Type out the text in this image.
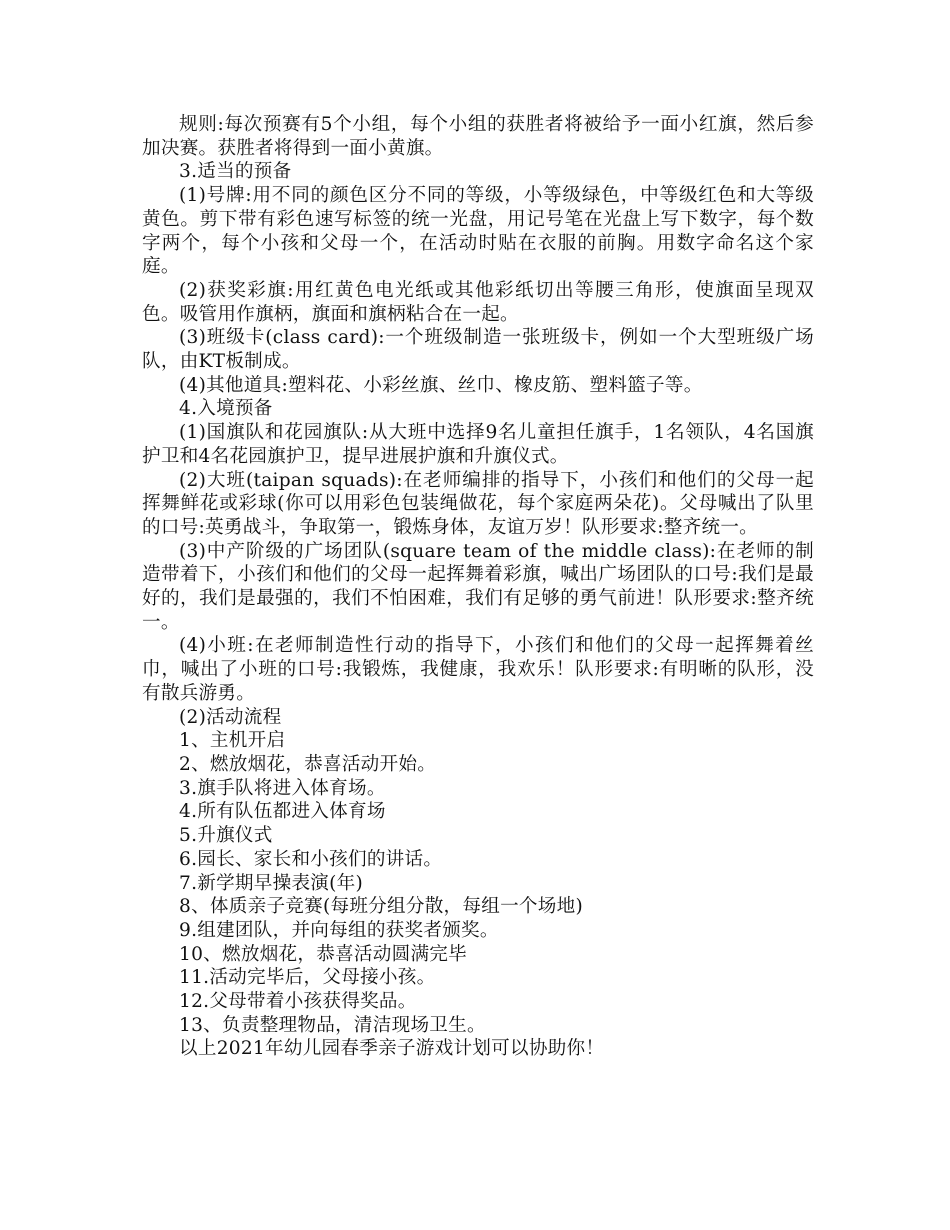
规则:每次预赛有5个小组，每个小组的获胜者将被给予一面小红旗，然后参加决赛。获胜者将得到一面小黄旗。

3.适当的预备

(1)号牌:用不同的颜色区分不同的等级，小等级绿色，中等级红色和大等级黄色。剪下带有彩色速写标签的统一光盘，用记号笔在光盘上写下数字，每个数字两个，每个小孩和父母一个，在活动时贴在衣服的前胸。用数字命名这个家庭。

(2)获奖彩旗:用红黄色电光纸或其他彩纸切出等腰三角形，使旗面呈现双色。吸管用作旗柄，旗面和旗柄粘合在一起。

(3)班级卡(class card):一个班级制造一张班级卡，例如一个大型班级广场队，由KT板制成。

(4)其他道具:塑料花、小彩丝旗、丝巾、橡皮筋、塑料篮子等。

4.入境预备

(1)国旗队和花园旗队:从大班中选择9名儿童担任旗手，1名领队，4名国旗护卫和4名花园旗护卫，提早进展护旗和升旗仪式。

(2)大班(taipan squads):在老师编排的指导下，小孩们和他们的父母一起挥舞鲜花或彩球(你可以用彩色包装绳做花，每个家庭两朵花)。父母喊出了队里的口号:英勇战斗，争取第一，锻炼身体，友谊万岁！队形要求:整齐统一。

(3)中产阶级的广场团队(square team of the middle class):在老师的制造带着下，小孩们和他们的父母一起挥舞着彩旗，喊出广场团队的口号:我们是最好的，我们是最强的，我们不怕困难，我们有足够的勇气前进！队形要求:整齐统一。

(4)小班:在老师制造性行动的指导下，小孩们和他们的父母一起挥舞着丝巾，喊出了小班的口号:我锻炼，我健康，我欢乐！队形要求:有明晰的队形，没有散兵游勇。

(2)活动流程

1、主机开启

2、燃放烟花，恭喜活动开始。

3.旗手队将进入体育场。

4.所有队伍都进入体育场

5.升旗仪式

6.园长、家长和小孩们的讲话。

7.新学期早操表演(年)

8、体质亲子竞赛(每班分组分散，每组一个场地)

9.组建团队，并向每组的获奖者颁奖。

10、燃放烟花，恭喜活动圆满完毕

11.活动完毕后，父母接小孩。

12.父母带着小孩获得奖品。

13、负责整理物品，清洁现场卫生。

以上2021年幼儿园春季亲子游戏计划可以协助你！
